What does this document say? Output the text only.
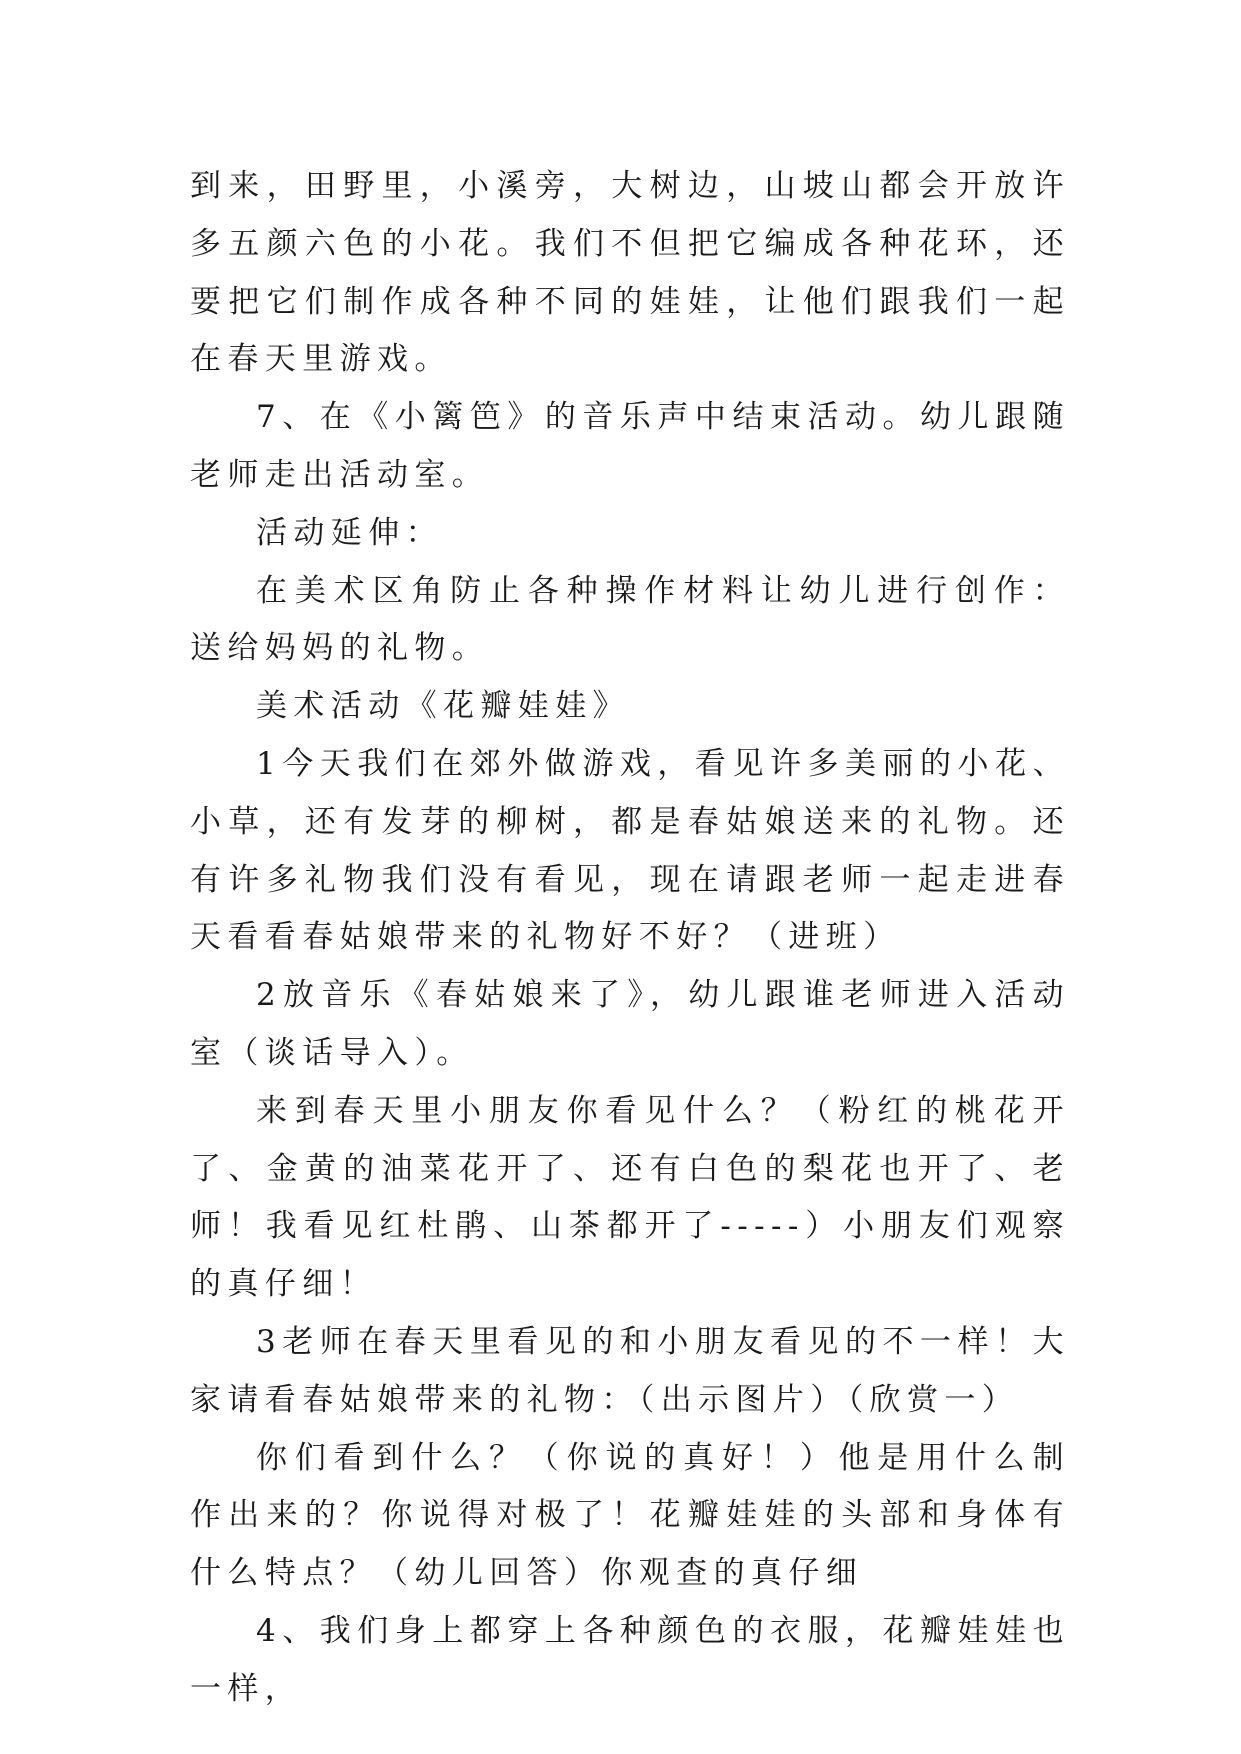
到来，田野里，小溪旁，大树边，山坡山都会开放许多五颜六色的小花。我们不但把它编成各种花环，还要把它们制作成各种不同的娃娃，让他们跟我们一起在春天里游戏。

7、在《小篱笆》的音乐声中结束活动。幼儿跟随老师走出活动室。

活动延伸：

在美术区角防止各种操作材料让幼儿进行创作：送给妈妈的礼物。

美术活动《花瓣娃娃》

1今天我们在郊外做游戏，看见许多美丽的小花、小草，还有发芽的柳树，都是春姑娘送来的礼物。还有许多礼物我们没有看见，现在请跟老师一起走进春天看看春姑娘带来的礼物好不好？（进班）

2放音乐《春姑娘来了》，幼儿跟谁老师进入活动室（谈话导入）。

来到春天里小朋友你看见什么？（粉红的桃花开了、金黄的油菜花开了、还有白色的梨花也开了、老师！我看见红杜鹃、山茶都开了-----）小朋友们观察的真仔细！

3老师在春天里看见的和小朋友看见的不一样！大家请看春姑娘带来的礼物：（出示图片）（欣赏一）

你们看到什么？（你说的真好！）他是用什么制作出来的？你说得对极了！花瓣娃娃的头部和身体有什么特点？（幼儿回答）你观查的真仔细

4、我们身上都穿上各种颜色的衣服，花瓣娃娃也一样，
